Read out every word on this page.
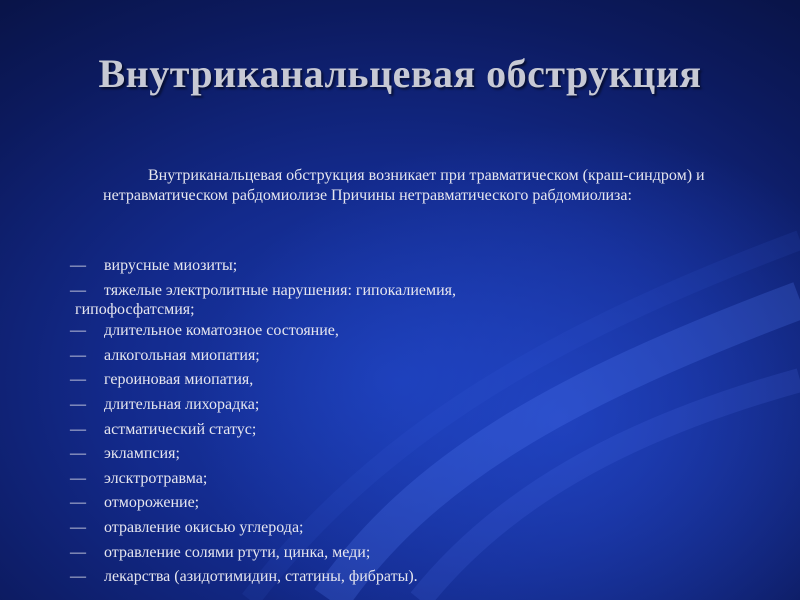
Внутриканальцевая обструкция
Внутриканальцевая обструкция возникает при травматическом (краш-синдром) и нетравматическом рабдомиолизе Причины нетравматического рабдомиолиза:
— вирусные миозиты;
— тяжелые электролитные нарушения: гипокалиемия,
гипофосфатсмия;
— длительное коматозное состояние,
— алкогольная миопатия;
— героиновая миопатия,
— длительная лихорадка;
— астматический статус;
— эклампсия;
— элсктротравма;
— отморожение;
— отравление окисью углерода;
— отравление солями ртути, цинка, меди;
— лекарства (азидотимидин, статины, фибраты).
